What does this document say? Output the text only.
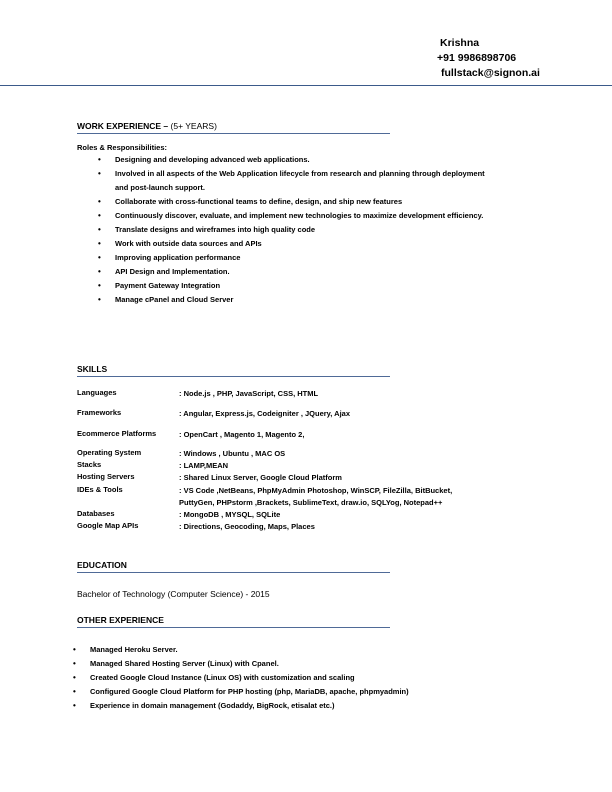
Krishna
+91 9986898706
fullstack@signon.ai
WORK EXPERIENCE – (5+ YEARS)
Roles & Responsibilities:
• Designing and developing advanced web applications.
• Involved in all aspects of the Web Application lifecycle from research and planning through deployment and post-launch support.
• Collaborate with cross-functional teams to define, design, and ship new features
• Continuously discover, evaluate, and implement new technologies to maximize development efficiency.
• Translate designs and wireframes into high quality code
• Work with outside data sources and APIs
• Improving application performance
• API Design and Implementation.
• Payment Gateway Integration
• Manage cPanel and Cloud Server
SKILLS
Languages	: Node.js , PHP, JavaScript, CSS, HTML
Frameworks	: Angular, Express.js, Codeigniter , JQuery, Ajax
Ecommerce Platforms	: OpenCart , Magento 1, Magento 2,
Operating System	: Windows , Ubuntu , MAC OS
Stacks	: LAMP,MEAN
Hosting Servers	: Shared Linux Server, Google Cloud Platform
IDEs & Tools	: VS Code ,NetBeans, PhpMyAdmin Photoshop, WinSCP, FileZilla, BitBucket, PuttyGen, PHPstorm ,Brackets, SublimeText, draw.io, SQLYog, Notepad++
Databases	: MongoDB , MYSQL, SQLite
Google Map APIs	: Directions, Geocoding, Maps, Places
EDUCATION
Bachelor of Technology (Computer Science) - 2015
OTHER EXPERIENCE
• Managed Heroku Server.
• Managed Shared Hosting Server (Linux) with Cpanel.
• Created Google Cloud Instance (Linux OS) with customization and scaling
• Configured Google Cloud Platform for PHP hosting (php, MariaDB, apache, phpmyadmin)
• Experience in domain management (Godaddy, BigRock, etisalat etc.)
